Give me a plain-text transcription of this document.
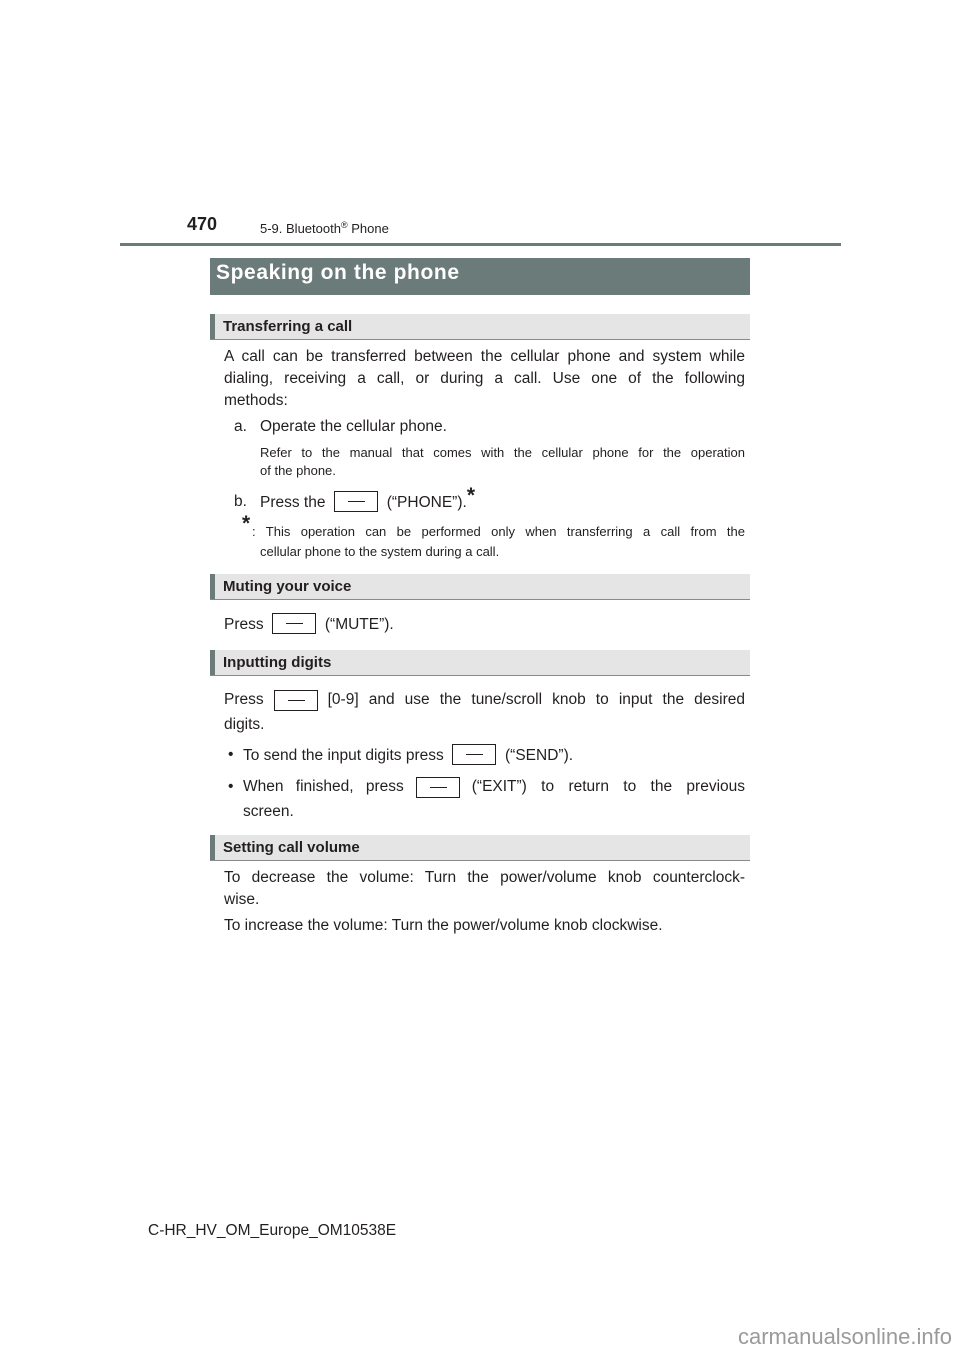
470	5-9. Bluetooth® Phone
Speaking on the phone
Transferring a call
A call can be transferred between the cellular phone and system while
dialing, receiving a call, or during a call. Use one of the following
methods:
a. Operate the cellular phone.
Refer to the manual that comes with the cellular phone for the operation
of the phone.
b. Press the	(“PHONE”).*
* : This operation can be performed only when transferring a call from the
cellular phone to the system during a call.
Muting your voice
Press	(“MUTE”).
Inputting digits
Press	[0-9] and use the tune/scroll knob to input the desired
digits.
• To send the input digits press	(“SEND”).
• When finished, press	(“EXIT”) to return to the previous
screen.
Setting call volume
To decrease the volume: Turn the power/volume knob counterclock-
wise.
To increase the volume: Turn the power/volume knob clockwise.
C-HR_HV_OM_Europe_OM10538E
carmanualsonline.info
